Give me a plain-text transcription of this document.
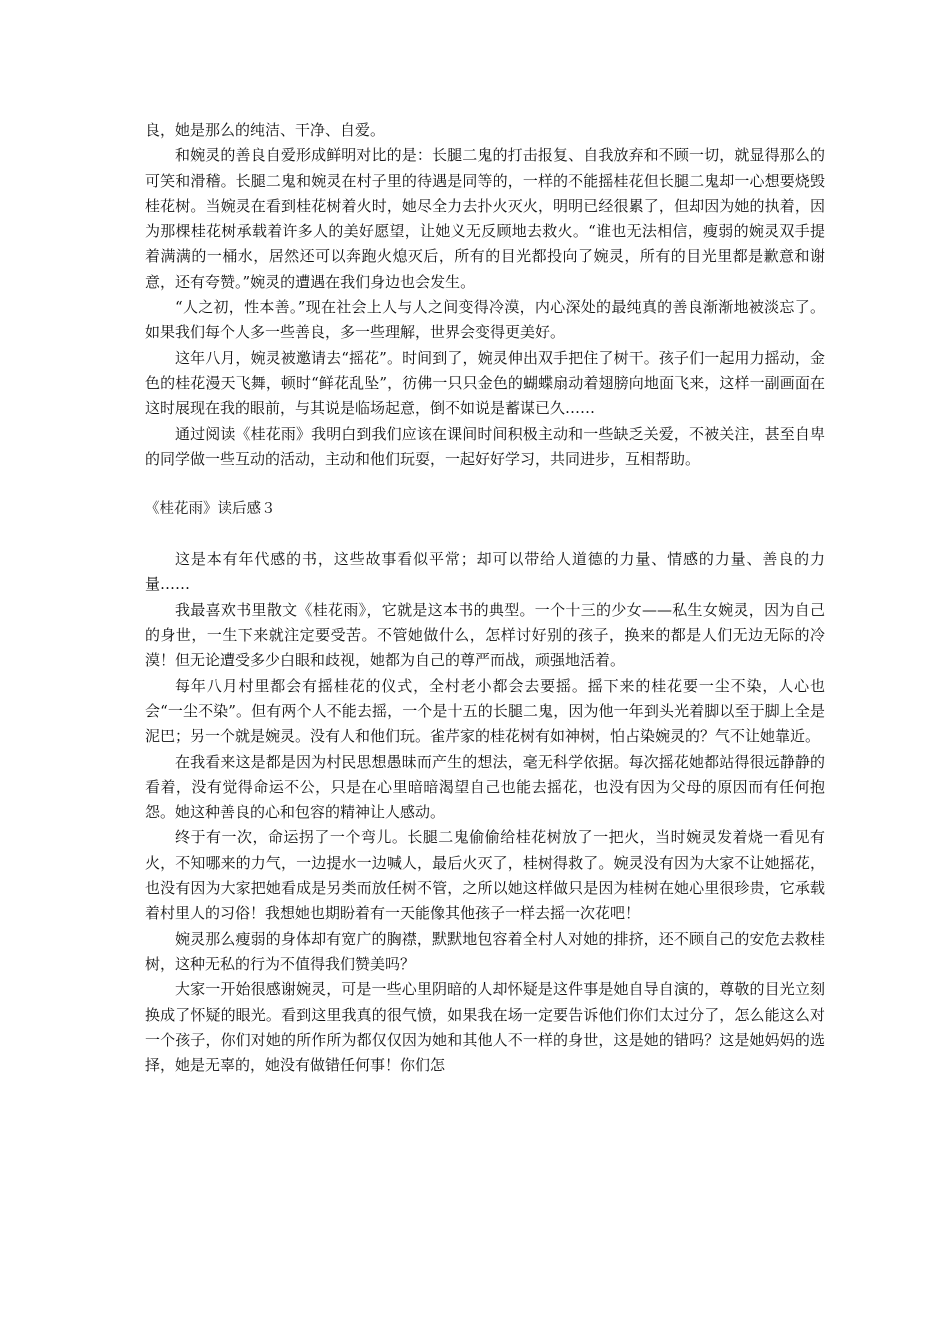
良，她是那么的纯洁、干净、自爱。

和婉灵的善良自爱形成鲜明对比的是：长腿二鬼的打击报复、自我放弃和不顾一切，就显得那么的可笑和滑稽。长腿二鬼和婉灵在村子里的待遇是同等的，一样的不能摇桂花但长腿二鬼却一心想要烧毁桂花树。当婉灵在看到桂花树着火时，她尽全力去扑火灭火，明明已经很累了，但却因为她的执着，因为那棵桂花树承载着许多人的美好愿望，让她义无反顾地去救火。“谁也无法相信，瘦弱的婉灵双手提着满满的一桶水，居然还可以奔跑火熄灭后，所有的目光都投向了婉灵，所有的目光里都是歉意和谢意，还有夸赞。”婉灵的遭遇在我们身边也会发生。

“人之初，性本善。”现在社会上人与人之间变得冷漠，内心深处的最纯真的善良渐渐地被淡忘了。如果我们每个人多一些善良，多一些理解，世界会变得更美好。

这年八月，婉灵被邀请去“摇花”。时间到了，婉灵伸出双手把住了树干。孩子们一起用力摇动，金色的桂花漫天飞舞，顿时“鲜花乱坠”，彷佛一只只金色的蝴蝶扇动着翅膀向地面飞来，这样一副画面在这时展现在我的眼前，与其说是临场起意，倒不如说是蓄谋已久……

通过阅读《桂花雨》我明白到我们应该在课间时间积极主动和一些缺乏关爱，不被关注，甚至自卑的同学做一些互动的活动，主动和他们玩耍，一起好好学习，共同进步，互相帮助。

《桂花雨》读后感３

这是本有年代感的书，这些故事看似平常；却可以带给人道德的力量、情感的力量、善良的力量……

我最喜欢书里散文《桂花雨》，它就是这本书的典型。一个十三的少女——私生女婉灵，因为自己的身世，一生下来就注定要受苦。不管她做什么，怎样讨好别的孩子，换来的都是人们无边无际的冷漠！但无论遭受多少白眼和歧视，她都为自己的尊严而战，顽强地活着。

每年八月村里都会有摇桂花的仪式，全村老小都会去要摇。摇下来的桂花要一尘不染，人心也会“一尘不染”。但有两个人不能去摇，一个是十五的长腿二鬼，因为他一年到头光着脚以至于脚上全是泥巴；另一个就是婉灵。没有人和他们玩。雀芹家的桂花树有如神树，怕占染婉灵的？气不让她靠近。

在我看来这是都是因为村民思想愚昧而产生的想法，毫无科学依据。每次摇花她都站得很远静静的看着，没有觉得命运不公，只是在心里暗暗渴望自己也能去摇花，也没有因为父母的原因而有任何抱怨。她这种善良的心和包容的精神让人感动。

终于有一次，命运拐了一个弯儿。长腿二鬼偷偷给桂花树放了一把火，当时婉灵发着烧一看见有火，不知哪来的力气，一边提水一边喊人，最后火灭了，桂树得救了。婉灵没有因为大家不让她摇花，也没有因为大家把她看成是另类而放任树不管，之所以她这样做只是因为桂树在她心里很珍贵，它承载着村里人的习俗！我想她也期盼着有一天能像其他孩子一样去摇一次花吧！

婉灵那么瘦弱的身体却有宽广的胸襟，默默地包容着全村人对她的排挤，还不顾自己的安危去救桂树，这种无私的行为不值得我们赞美吗？

大家一开始很感谢婉灵，可是一些心里阴暗的人却怀疑是这件事是她自导自演的，尊敬的目光立刻换成了怀疑的眼光。看到这里我真的很气愤，如果我在场一定要告诉他们你们太过分了，怎么能这么对一个孩子，你们对她的所作所为都仅仅因为她和其他人不一样的身世，这是她的错吗？这是她妈妈的选择，她是无辜的，她没有做错任何事！你们怎
